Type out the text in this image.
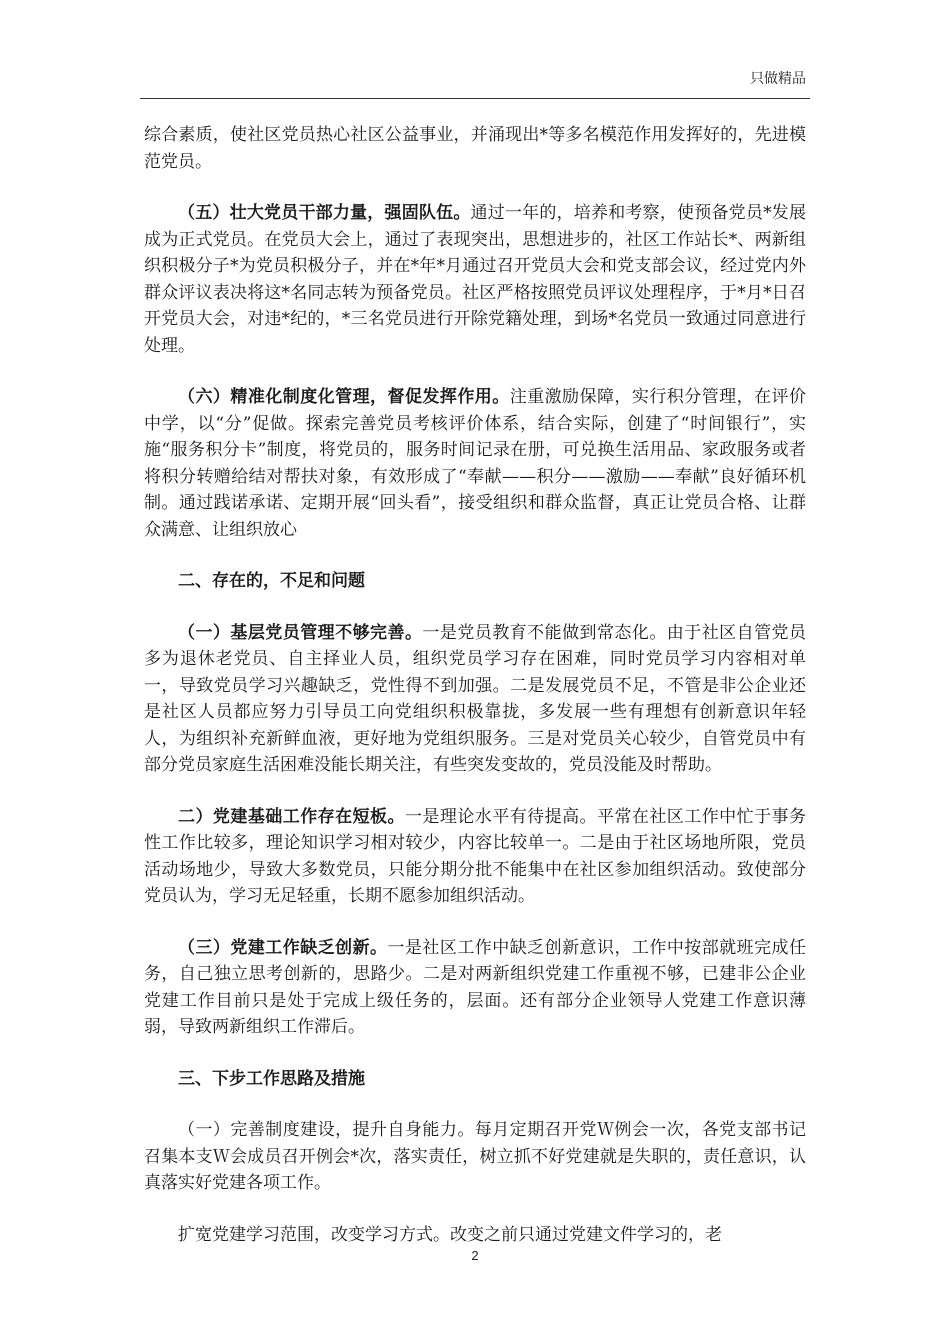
只做精品

综合素质，使社区党员热心社区公益事业，并涌现出*等多名模范作用发挥好的，先进模范党员。

（五）壮大党员干部力量，强固队伍。通过一年的，培养和考察，使预备党员*发展成为正式党员。在党员大会上，通过了表现突出，思想进步的，社区工作站长*、两新组织积极分子*为党员积极分子，并在*年*月通过召开党员大会和党支部会议，经过党内外群众评议表决将这*名同志转为预备党员。社区严格按照党员评议处理程序，于*月*日召开党员大会，对违*纪的，*三名党员进行开除党籍处理，到场*名党员一致通过同意进行处理。

（六）精准化制度化管理，督促发挥作用。注重激励保障，实行积分管理，在评价中学，以“分”促做。探索完善党员考核评价体系，结合实际，创建了“时间银行”，实施“服务积分卡”制度，将党员的，服务时间记录在册，可兑换生活用品、家政服务或者将积分转赠给结对帮扶对象，有效形成了“奉献——积分——激励——奉献”良好循环机制。通过践诺承诺、定期开展“回头看”，接受组织和群众监督，真正让党员合格、让群众满意、让组织放心

二、存在的，不足和问题

（一）基层党员管理不够完善。一是党员教育不能做到常态化。由于社区自管党员多为退休老党员、自主择业人员，组织党员学习存在困难，同时党员学习内容相对单一，导致党员学习兴趣缺乏，党性得不到加强。二是发展党员不足，不管是非公企业还是社区人员都应努力引导员工向党组织积极靠拢，多发展一些有理想有创新意识年轻人，为组织补充新鲜血液，更好地为党组织服务。三是对党员关心较少，自管党员中有部分党员家庭生活困难没能长期关注，有些突发变故的，党员没能及时帮助。

二）党建基础工作存在短板。一是理论水平有待提高。平常在社区工作中忙于事务性工作比较多，理论知识学习相对较少，内容比较单一。二是由于社区场地所限，党员活动场地少，导致大多数党员，只能分期分批不能集中在社区参加组织活动。致使部分党员认为，学习无足轻重，长期不愿参加组织活动。

（三）党建工作缺乏创新。一是社区工作中缺乏创新意识，工作中按部就班完成任务，自己独立思考创新的，思路少。二是对两新组织党建工作重视不够，已建非公企业党建工作目前只是处于完成上级任务的，层面。还有部分企业领导人党建工作意识薄弱，导致两新组织工作滞后。

三、下步工作思路及措施

（一）完善制度建设，提升自身能力。每月定期召开党Ｗ例会一次，各党支部书记召集本支Ｗ会成员召开例会*次，落实责任，树立抓不好党建就是失职的，责任意识，认真落实好党建各项工作。

扩宽党建学习范围，改变学习方式。改变之前只通过党建文件学习的，老

2
